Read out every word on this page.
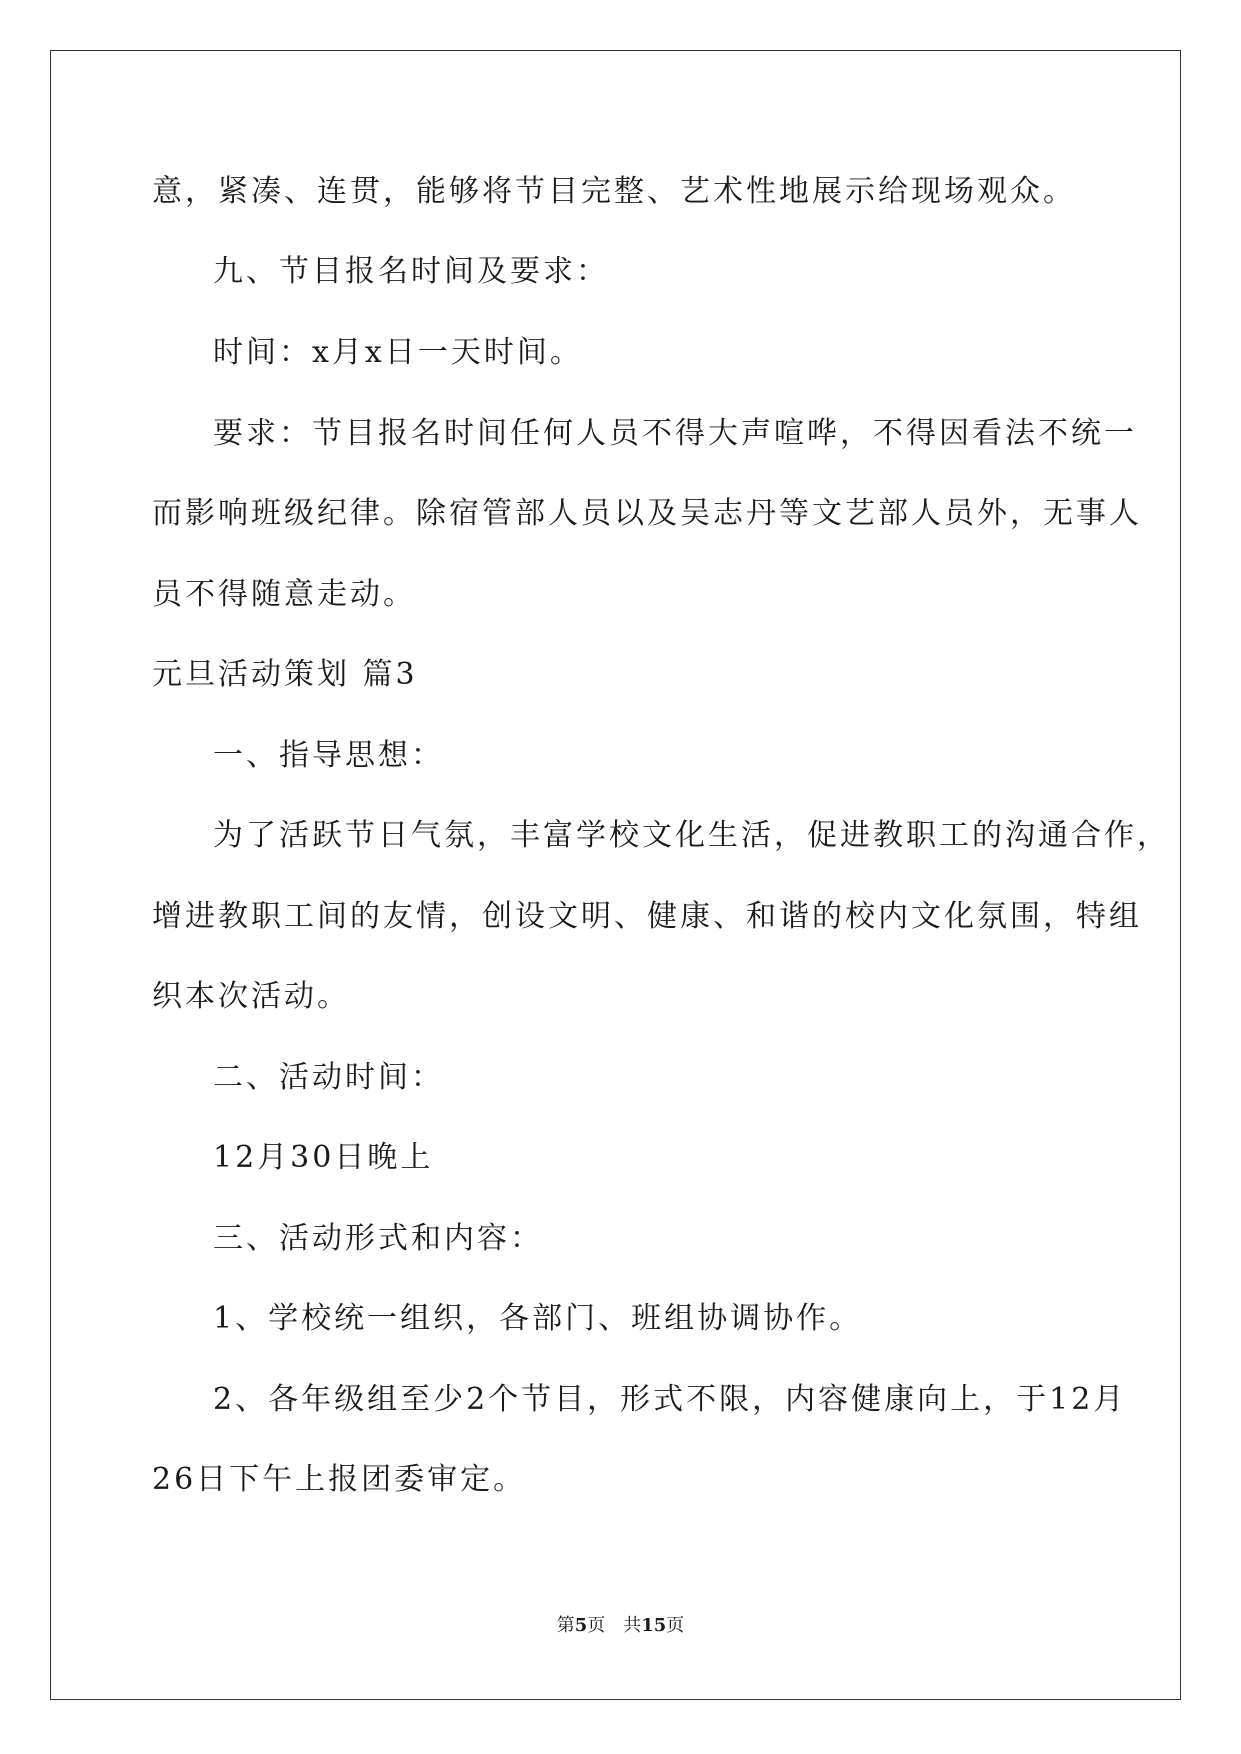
意，紧凑、连贯，能够将节目完整、艺术性地展示给现场观众。
九、节目报名时间及要求：
时间：x月x日一天时间。
要求：节目报名时间任何人员不得大声喧哗，不得因看法不统一
而影响班级纪律。除宿管部人员以及吴志丹等文艺部人员外，无事人
员不得随意走动。
元旦活动策划 篇3
一、指导思想：
为了活跃节日气氛，丰富学校文化生活，促进教职工的沟通合作，
增进教职工间的友情，创设文明、健康、和谐的校内文化氛围，特组
织本次活动。
二、活动时间：
12月30日晚上
三、活动形式和内容：
1、学校统一组织，各部门、班组协调协作。
2、各年级组至少2个节目，形式不限，内容健康向上，于12月
26日下午上报团委审定。
第5页 共15页
